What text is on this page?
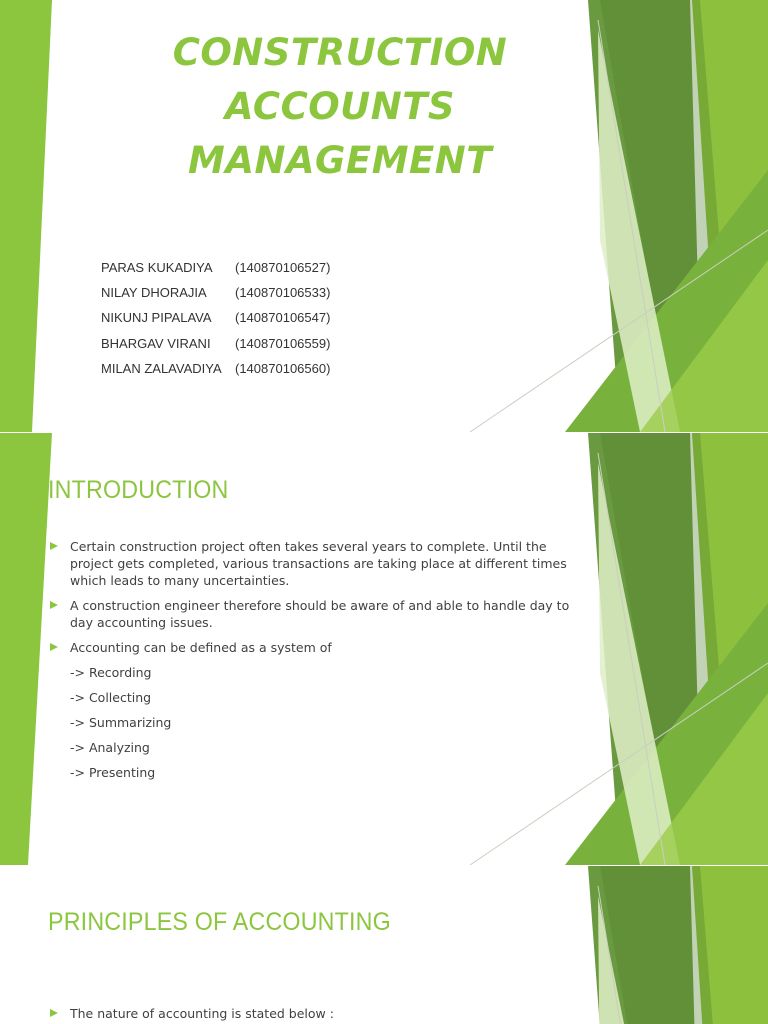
CONSTRUCTION
ACCOUNTS
MANAGEMENT
PARAS KUKADIYA (140870106527)
NILAY DHORAJIA (140870106533)
NIKUNJ PIPALAVA (140870106547)
BHARGAV VIRANI (140870106559)
MILAN ZALAVADIYA (140870106560)
INTRODUCTION
Certain construction project often takes several years to complete. Until the project gets completed, various transactions are taking place at different times which leads to many uncertainties.
A construction engineer therefore should be aware of and able to handle day to day accounting issues.
Accounting can be defined as a system of
-> Recording
-> Collecting
-> Summarizing
-> Analyzing
-> Presenting
PRINCIPLES OF ACCOUNTING
The nature of accounting is stated below :
